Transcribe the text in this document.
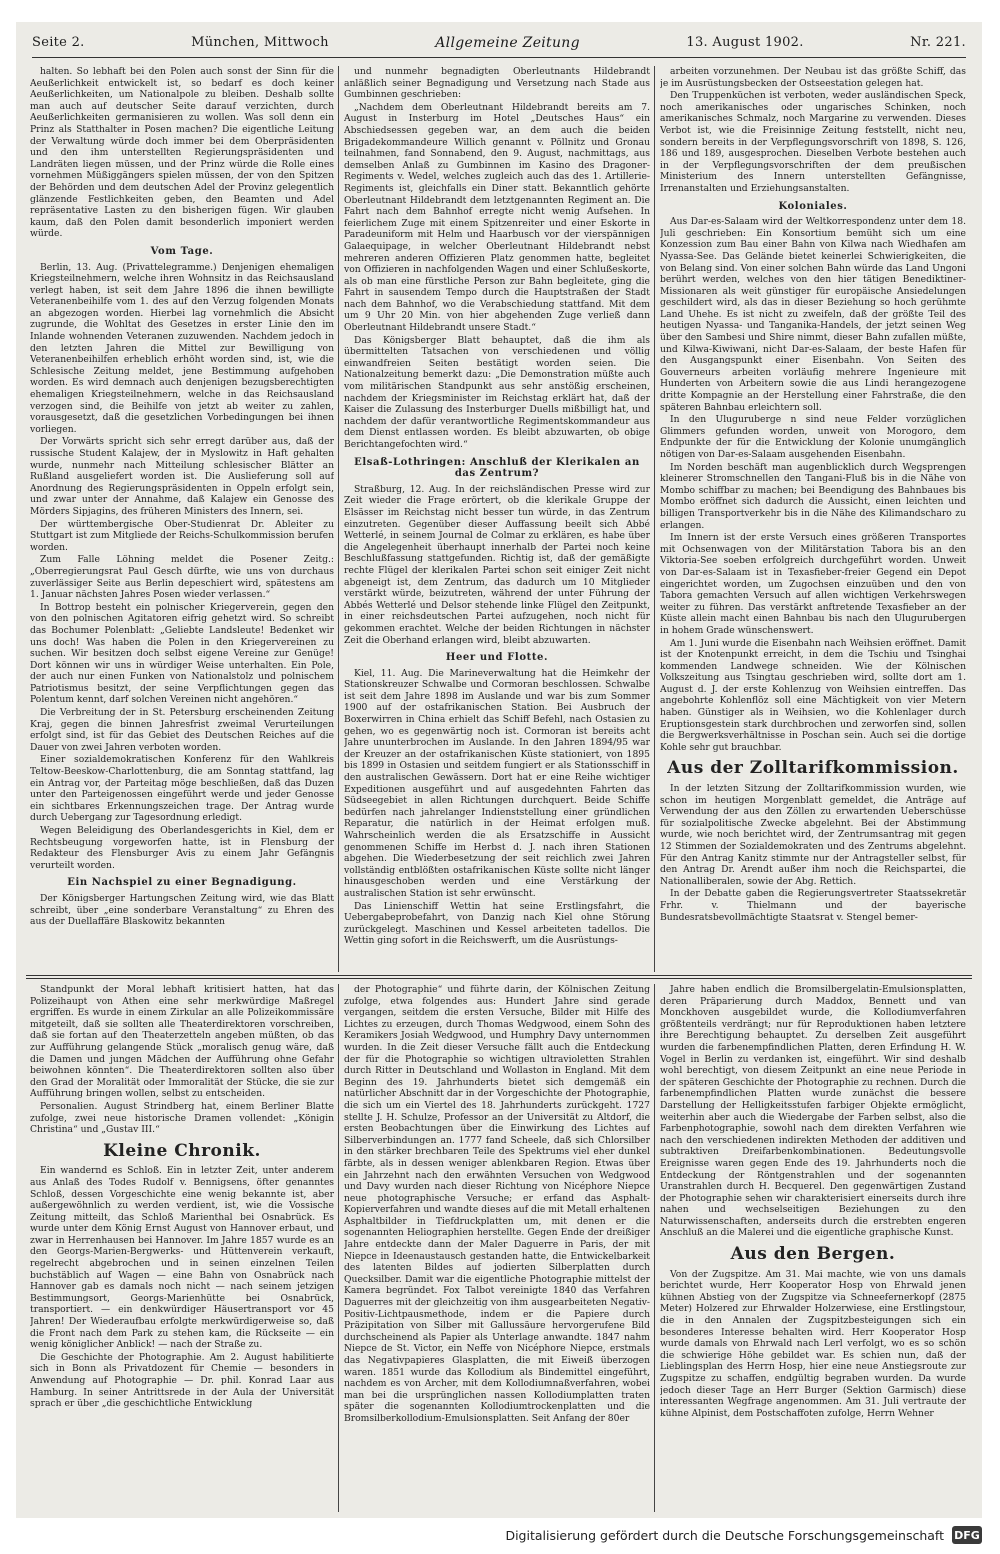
Seite 2.	München, Mittwoch	Allgemeine Zeitung	13. August 1902.	Nr. 221.

halten. So lebhaft bei den Polen auch sonst der Sinn für die Aeußerlichkeit entwickelt ist, so bedarf es doch keiner Aeußerlichkeiten, um Nationalpole zu bleiben. Deshalb sollte man auch auf deutscher Seite darauf verzichten, durch Aeußerlichkeiten germanisieren zu wollen. Was soll denn ein Prinz als Statthalter in Posen machen? Die eigentliche Leitung der Verwaltung würde doch immer bei dem Oberpräsidenten und den ihm unterstellten Regierungspräsidenten und Landräten liegen müssen, und der Prinz würde die Rolle eines vornehmen Müßiggängers spielen müssen, der von den Spitzen der Behörden und dem deutschen Adel der Provinz gelegentlich glänzende Festlichkeiten geben, den Beamten und Adel repräsentative Lasten zu den bisherigen fügen. Wir glauben kaum, daß den Polen damit besonderlich imponiert werden würde.

Vom Tage.

Berlin, 13. Aug. (Privattelegramme.) Denjenigen ehemaligen Kriegsteilnehmern, welche ihren Wohnsitz in das Reichsausland verlegt haben, ist seit dem Jahre 1896 die ihnen bewilligte Veteranenbeihilfe vom 1. des auf den Verzug folgenden Monats an abgezogen worden. Hierbei lag vornehmlich die Absicht zugrunde, die Wohltat des Gesetzes in erster Linie den im Inlande wohnenden Veteranen zuzuwenden. Nachdem jedoch in den letzten Jahren die Mittel zur Bewilligung von Veteranenbeihilfen erheblich erhöht worden sind, ist, wie die Schlesische Zeitung meldet, jene Bestimmung aufgehoben worden. Es wird demnach auch denjenigen bezugsberechtigten ehemaligen Kriegsteilnehmern, welche in das Reichsausland verzogen sind, die Beihilfe von jetzt ab weiter zu zahlen, vorausgesetzt, daß die gesetzlichen Vorbedingungen bei ihnen vorliegen.

Der Vorwärts spricht sich sehr erregt darüber aus, daß der russische Student Kalajew, der in Myslowitz in Haft gehalten wurde, nunmehr nach Mitteilung schlesischer Blätter an Rußland ausgeliefert worden ist. Die Auslieferung soll auf Anordnung des Regierungspräsidenten in Oppeln erfolgt sein, und zwar unter der Annahme, daß Kalajew ein Genosse des Mörders Sipjagins, des früheren Ministers des Innern, sei.

Der württembergische Ober-Studienrat Dr. Ableiter zu Stuttgart ist zum Mitgliede der Reichs-Schulkommission berufen worden.

Zum Falle Löhning meldet die Posener Zeitg.: „Oberregierungsrat Paul Gesch dürfte, wie uns von durchaus zuverlässiger Seite aus Berlin depeschiert wird, spätestens am 1. Januar nächsten Jahres Posen wieder verlassen.“

In Bottrop besteht ein polnischer Kriegerverein, gegen den von den polnischen Agitatoren eifrig gehetzt wird. So schreibt das Bochumer Polenblatt: „Geliebte Landsleute! Bedenket wir uns doch! Was haben die Polen in den Kriegervereinen zu suchen. Wir besitzen doch selbst eigene Vereine zur Genüge! Dort können wir uns in würdiger Weise unterhalten. Ein Pole, der auch nur einen Funken von Nationalstolz und polnischem Patriotismus besitzt, der seine Verpflichtungen gegen das Polentum kennt, darf solchen Vereinen nicht angehören.“

Die Verbreitung der in St. Petersburg erscheinenden Zeitung Kraj, gegen die binnen Jahresfrist zweimal Verurteilungen erfolgt sind, ist für das Gebiet des Deutschen Reiches auf die Dauer von zwei Jahren verboten worden.

Einer sozialdemokratischen Konferenz für den Wahlkreis Teltow-Beeskow-Charlottenburg, die am Sonntag stattfand, lag ein Antrag vor, der Parteitag möge beschließen, daß das Duzen unter den Parteigenossen eingeführt werde und jeder Genosse ein sichtbares Erkennungszeichen trage. Der Antrag wurde durch Uebergang zur Tagesordnung erledigt.

Wegen Beleidigung des Oberlandesgerichts in Kiel, dem er Rechtsbeugung vorgeworfen hatte, ist in Flensburg der Redakteur des Flensburger Avis zu einem Jahr Gefängnis verurteilt worden.

Ein Nachspiel zu einer Begnadigung.

Der Königsberger Hartungschen Zeitung wird, wie das Blatt schreibt, über „eine sonderbare Veranstaltung“ zu Ehren des aus der Duellaffäre Blaskowitz bekannten

und nunmehr begnadigten Oberleutnants Hildebrandt anläßlich seiner Begnadigung und Versetzung nach Stade aus Gumbinnen geschrieben:

„Nachdem dem Oberleutnant Hildebrandt bereits am 7. August in Insterburg im Hotel „Deutsches Haus“ ein Abschiedsessen gegeben war, an dem auch die beiden Brigadekommandeure Willich genannt v. Pöllnitz und Gronau teilnahmen, fand Sonnabend, den 9. August, nachmittags, aus demselben Anlaß zu Gumbinnen im Kasino des Dragoner-Regiments v. Wedel, welches zugleich auch das des 1. Artillerie-Regiments ist, gleichfalls ein Diner statt. Bekanntlich gehörte Oberleutnant Hildebrandt dem letztgenannten Regiment an. Die Fahrt nach dem Bahnhof erregte nicht wenig Aufsehen. In feierlichem Zuge mit einem Spitzenreiter und einer Eskorte in Paradeuniform mit Helm und Haarbusch vor der vierspännigen Galaequipage, in welcher Oberleutnant Hildebrandt nebst mehreren anderen Offizieren Platz genommen hatte, begleitet von Offizieren in nachfolgenden Wagen und einer Schlußeskorte, als ob man eine fürstliche Person zur Bahn begleitete, ging die Fahrt in sausendem Tempo durch die Hauptstraßen der Stadt nach dem Bahnhof, wo die Verabschiedung stattfand. Mit dem um 9 Uhr 20 Min. von hier abgehenden Zuge verließ dann Oberleutnant Hildebrandt unsere Stadt.“

Das Königsberger Blatt behauptet, daß die ihm als übermittelten Tatsachen von verschiedenen und völlig einwandfreien Seiten bestätigt worden seien. Die Nationalzeitung bemerkt dazu: „Die Demonstration müßte auch vom militärischen Standpunkt aus sehr anstößig erscheinen, nachdem der Kriegsminister im Reichstag erklärt hat, daß der Kaiser die Zulassung des Insterburger Duells mißbilligt hat, und nachdem der dafür verantwortliche Regimentskommandeur aus dem Dienst entlassen worden. Es bleibt abzuwarten, ob obige Berichtangefochten wird.“

Elsaß-Lothringen: Anschluß der Klerikalen an das Zentrum?

Straßburg, 12. Aug. In der reichsländischen Presse wird zur Zeit wieder die Frage erörtert, ob die klerikale Gruppe der Elsässer im Reichstag nicht besser tun würde, in das Zentrum einzutreten. Gegenüber dieser Auffassung beeilt sich Abbé Wetterlé, in seinem Journal de Colmar zu erklären, es habe über die Angelegenheit überhaupt innerhalb der Partei noch keine Beschlußfassung stattgefunden. Richtig ist, daß der gemäßigte rechte Flügel der klerikalen Partei schon seit einiger Zeit nicht abgeneigt ist, dem Zentrum, das dadurch um 10 Mitglieder verstärkt würde, beizutreten, während der unter Führung der Abbés Wetterlé und Delsor stehende linke Flügel den Zeitpunkt, in einer reichsdeutschen Partei aufzugehen, noch nicht für gekommen erachtet. Welche der beiden Richtungen in nächster Zeit die Oberhand erlangen wird, bleibt abzuwarten.

Heer und Flotte.

Kiel, 11. Aug. Die Marineverwaltung hat die Heimkehr der Stationskreuzer Schwalbe und Cormoran beschlossen. Schwalbe ist seit dem Jahre 1898 im Auslande und war bis zum Sommer 1900 auf der ostafrikanischen Station. Bei Ausbruch der Boxerwirren in China erhielt das Schiff Befehl, nach Ostasien zu gehen, wo es gegenwärtig noch ist. Cormoran ist bereits acht Jahre ununterbrochen im Auslande. In den Jahren 1894/95 war der Kreuzer an der ostafrikanischen Küste stationiert, von 1895 bis 1899 in Ostasien und seitdem fungiert er als Stationsschiff in den australischen Gewässern. Dort hat er eine Reihe wichtiger Expeditionen ausgeführt und auf ausgedehnten Fahrten das Südseegebiet in allen Richtungen durchquert. Beide Schiffe bedürfen nach jahrelanger Indienststellung einer gründlichen Reparatur, die natürlich in der Heimat erfolgen muß. Wahrscheinlich werden die als Ersatzschiffe in Aussicht genommenen Schiffe im Herbst d. J. nach ihren Stationen abgehen. Die Wiederbesetzung der seit reichlich zwei Jahren vollständig entblößten ostafrikanischen Küste sollte nicht länger hinausgeschoben werden und eine Verstärkung der australischen Station ist sehr erwünscht.

Das Linienschiff Wettin hat seine Erstlingsfahrt, die Uebergabeprobefahrt, von Danzig nach Kiel ohne Störung zurückgelegt. Maschinen und Kessel arbeiteten tadellos. Die Wettin ging sofort in die Reichswerft, um die Ausrüstungs-

arbeiten vorzunehmen. Der Neubau ist das größte Schiff, das je im Ausrüstungsbecken der Ostseestation gelegen hat.

Den Truppenküchen ist verboten, weder ausländischen Speck, noch amerikanisches oder ungarisches Schinken, noch amerikanisches Schmalz, noch Margarine zu verwenden. Dieses Verbot ist, wie die Freisinnige Zeitung feststellt, nicht neu, sondern bereits in der Verpflegungsvorschrift von 1898, S. 126, 186 und 189, ausgesprochen. Dieselben Verbote bestehen auch in der Verpflegungsvorschriften der dem preußischen Ministerium des Innern unterstellten Gefängnisse, Irrenanstalten und Erziehungsanstalten.

Koloniales.

Aus Dar-es-Salaam wird der Weltkorrespondenz unter dem 18. Juli geschrieben: Ein Konsortium bemüht sich um eine Konzession zum Bau einer Bahn von Kilwa nach Wiedhafen am Nyassa-See. Das Gelände bietet keinerlei Schwierigkeiten, die von Belang sind. Von einer solchen Bahn würde das Land Ungoni berührt werden, welches von den hier tätigen Benediktiner-Missionaren als weit günstiger für europäische Ansiedelungen geschildert wird, als das in dieser Beziehung so hoch gerühmte Land Uhehe. Es ist nicht zu zweifeln, daß der größte Teil des heutigen Nyassa- und Tanganika-Handels, der jetzt seinen Weg über den Sambesi und Shire nimmt, dieser Bahn zufallen müßte, und Kilwa-Kiwiwani, nicht Dar-es-Salaam, der beste Hafen für den Ausgangspunkt einer Eisenbahn. Von Seiten des Gouverneurs arbeiten vorläufig mehrere Ingenieure mit Hunderten von Arbeitern sowie die aus Lindi herangezogene dritte Kompagnie an der Herstellung einer Fahrstraße, die den späteren Bahnbau erleichtern soll.

In den Uluguruberge n sind neue Felder vorzüglichen Glimmers gefunden worden, unweit von Morogoro, dem Endpunkte der für die Entwicklung der Kolonie unumgänglich nötigen von Dar-es-Salaam ausgehenden Eisenbahn.

Im Norden beschäft man augenblicklich durch Wegsprengen kleinerer Stromschnellen den Tangani-Fluß bis in die Nähe von Mombo schiffbar zu machen; bei Beendigung des Bahnbaues bis Mombo eröffnet sich dadurch die Aussicht, einen leichten und billigen Transportverkehr bis in die Nähe des Kilimandscharo zu erlangen.

Im Innern ist der erste Versuch eines größeren Transportes mit Ochsenwagen von der Militärstation Tabora bis an den Viktoria-See soeben erfolgreich durchgeführt worden. Unweit von Dar-es-Salaam ist in Texasfieber-freier Gegend ein Depot eingerichtet worden, um Zugochsen einzuüben und den von Tabora gemachten Versuch auf allen wichtigen Verkehrswegen weiter zu führen. Das verstärkt anftretende Texasfieber an der Küste allein macht einen Bahnbau bis nach den Ulugurubergen in hohem Grade wünschenswert.

Am 1. Juni wurde die Eisenbahn nach Weihsien eröffnet. Damit ist der Knotenpunkt erreicht, in dem die Tschiu und Tsinghai kommenden Landwege schneiden. Wie der Kölnischen Volkszeitung aus Tsingtau geschrieben wird, sollte dort am 1. August d. J. der erste Kohlenzug von Weihsien eintreffen. Das angebohrte Kohlenflöz soll eine Mächtigkeit von vier Metern haben. Günstiger als in Weihsien, wo die Kohlenlager durch Eruptionsgestein stark durchbrochen und zerworfen sind, sollen die Bergwerksverhältnisse in Poschan sein. Auch sei die dortige Kohle sehr gut brauchbar.

Aus der Zolltarifkommission.

In der letzten Sitzung der Zolltarifkommission wurden, wie schon im heutigen Morgenblatt gemeldet, die Anträge auf Verwendung der aus den Zöllen zu erwartenden Ueberschüsse für sozialpolitische Zwecke abgelehnt. Bei der Abstimmung wurde, wie noch berichtet wird, der Zentrumsantrag mit gegen 12 Stimmen der Sozialdemokraten und des Zentrums abgelehnt. Für den Antrag Kanitz stimmte nur der Antragsteller selbst, für den Antrag Dr. Arendt außer ihm noch die Reichspartei, die Nationalliberalen, sowie der Abg. Rettich.

In der Debatte gaben die Regierungsvertreter Staatssekretär Frhr. v. Thielmann und der bayerische Bundesratsbevollmächtigte Staatsrat v. Stengel bemer-

Standpunkt der Moral lebhaft kritisiert hatten, hat das Polizeihaupt von Athen eine sehr merkwürdige Maßregel ergriffen. Es wurde in einem Zirkular an alle Polizeikommissäre mitgeteilt, daß sie sollten alle Theaterdirektoren vorschreiben, daß sie fortan auf den Theaterzetteln angeben müßten, ob das zur Aufführung gelangende Stück „moralisch genug wäre, daß die Damen und jungen Mädchen der Aufführung ohne Gefahr beiwohnen könnten“. Die Theaterdirektoren sollten also über den Grad der Moralität oder Immoralität der Stücke, die sie zur Aufführung bringen wollen, selbst zu entscheiden.

Personalien. August Strindberg hat, einem Berliner Blatte zufolge, zwei neue historische Dramen vollendet: „Königin Christina“ und „Gustav III.“

Kleine Chronik.

Ein wandernd es Schloß. Ein in letzter Zeit, unter anderem aus Anlaß des Todes Rudolf v. Bennigsens, öfter genanntes Schloß, dessen Vorgeschichte eine wenig bekannte ist, aber außergewöhnlich zu werden verdient, ist, wie die Vossische Zeitung mitteilt, das Schloß Marienthal bei Osnabrück. Es wurde unter dem König Ernst August von Hannover erbaut, und zwar in Herrenhausen bei Hannover. Im Jahre 1857 wurde es an den Georgs-Marien-Bergwerks- und Hüttenverein verkauft, regelrecht abgebrochen und in seinen einzelnen Teilen buchstäblich auf Wagen — eine Bahn von Osnabrück nach Hannover gab es damals noch nicht — nach seinem jetzigen Bestimmungsort, Georgs-Marienhütte bei Osnabrück, transportiert. — ein denkwürdiger Häusertransport vor 45 Jahren! Der Wiederaufbau erfolgte merkwürdigerweise so, daß die Front nach dem Park zu stehen kam, die Rückseite — ein wenig königlicher Anblick! — nach der Straße zu.

Die Geschichte der Photographie. Am 2. August habilitierte sich in Bonn als Privatdozent für Chemie — besonders in Anwendung auf Photographie — Dr. phil. Konrad Laar aus Hamburg. In seiner Antrittsrede in der Aula der Universität sprach er über „die geschichtliche Entwicklung

der Photographie“ und führte darin, der Kölnischen Zeitung zufolge, etwa folgendes aus: Hundert Jahre sind gerade vergangen, seitdem die ersten Versuche, Bilder mit Hilfe des Lichtes zu erzeugen, durch Thomas Wedgwood, einem Sohn des Keramikers Josiah Wedgwood, und Humphry Davy unternommen wurden. In die Zeit dieser Versuche fällt auch die Entdeckung der für die Photographie so wichtigen ultravioletten Strahlen durch Ritter in Deutschland und Wollaston in England. Mit dem Beginn des 19. Jahrhunderts bietet sich demgemäß ein natürlicher Abschnitt dar in der Vorgeschichte der Photographie, die sich um ein Viertel des 18. Jahrhunderts zurückgeht. 1727 stellte J. H. Schulze, Professor an der Universität zu Altdorf, die ersten Beobachtungen über die Einwirkung des Lichtes auf Silberverbindungen an. 1777 fand Scheele, daß sich Chlorsilber in den stärker brechbaren Teile des Spektrums viel eher dunkel färbte, als in dessen weniger ablenkbaren Region. Etwas über ein Jahrzehnt nach den erwähnten Versuchen von Wedgwood und Davy wurden nach dieser Richtung von Nicéphore Niepce neue photographische Versuche; er erfand das Asphalt-Kopierverfahren und wandte dieses auf die mit Metall erhaltenen Asphaltbilder in Tiefdruckplatten um, mit denen er die sogenannten Heliographien herstellte. Gegen Ende der dreißiger Jahre entdeckte dann der Maler Daguerre in Paris, der mit Niepce in Ideenaustausch gestanden hatte, die Entwickelbarkeit des latenten Bildes auf jodierten Silberplatten durch Quecksilber. Damit war die eigentliche Photographie mittelst der Kamera begründet. Fox Talbot vereinigte 1840 das Verfahren Daguerres mit der gleichzeitig von ihm ausgearbeiteten Negativ-Positiv-Lichtpausmethode, indem er die Papiere durch Präzipitation von Silber mit Gallussäure hervorgerufene Bild durchscheinend als Papier als Unterlage anwandte. 1847 nahm Niepce de St. Victor, ein Neffe von Nicéphore Niepce, erstmals das Negativpapieres Glasplatten, die mit Eiweiß überzogen waren. 1851 wurde das Kollodium als Bindemittel eingeführt, nachdem es von Archer, mit dem Kollodiumnaßverfahren, wobei man bei die ursprünglichen nassen Kollodiumplatten traten später die sogenannten Kollodiumtrockenplatten und die Bromsilberkollodium-Emulsionsplatten. Seit Anfang der 80er

Jahre haben endlich die Bromsilbergelatin-Emulsionsplatten, deren Präparierung durch Maddox, Bennett und van Monckhoven ausgebildet wurde, die Kollodiumverfahren größtenteils verdrängt; nur für Reproduktionen haben letztere ihre Berechtigung behauptet. Zu derselben Zeit ausgeführt wurden die farbenempfindlichen Platten, deren Erfindung H. W. Vogel in Berlin zu verdanken ist, eingeführt. Wir sind deshalb wohl berechtigt, von diesem Zeitpunkt an eine neue Periode in der späteren Geschichte der Photographie zu rechnen. Durch die farbenempfindlichen Platten wurde zunächst die bessere Darstellung der Helligkeitsstufen farbiger Objekte ermöglicht, weiterhin aber auch die Wiedergabe der Farben selbst, also die Farbenphotographie, sowohl nach dem direkten Verfahren wie nach den verschiedenen indirekten Methoden der additiven und subtraktiven Dreifarbenkombinationen. Bedeutungsvolle Ereignisse waren gegen Ende des 19. Jahrhunderts noch die Entdeckung der Röntgenstrahlen und der sogenannten Uranstrahlen durch H. Becquerel. Den gegenwärtigen Zustand der Photographie sehen wir charakterisiert einerseits durch ihre nahen und wechselseitigen Beziehungen zu den Naturwissenschaften, anderseits durch die erstrebten engeren Anschluß an die Malerei und die eigentliche graphische Kunst.

Aus den Bergen.

Von der Zugspitze. Am 31. Mai machte, wie von uns damals berichtet wurde, Herr Kooperator Hosp von Ehrwald jenen kühnen Abstieg von der Zugspitze via Schneefernerkopf (2875 Meter) Holzered zur Ehrwalder Holzerwiese, eine Erstlingstour, die in den Annalen der Zugspitzbesteigungen sich ein besonderes Interesse behalten wird. Herr Kooperator Hosp wurde damals von Ehrwald nach Lerl verfolgt, wo es so schön die schwierige Höhe gebildet war. Es schien nun, daß der Lieblingsplan des Herrn Hosp, hier eine neue Anstiegsroute zur Zugspitze zu schaffen, endgültig begraben wurden. Da wurde jedoch dieser Tage an Herr Burger (Sektion Garmisch) diese interessanten Wegfrage angenommen. Am 31. Juli vertraute der kühne Alpinist, dem Postschaffoten zufolge, Herrn Wehner

Digitalisierung gefördert durch die Deutsche Forschungsgemeinschaft DFG
